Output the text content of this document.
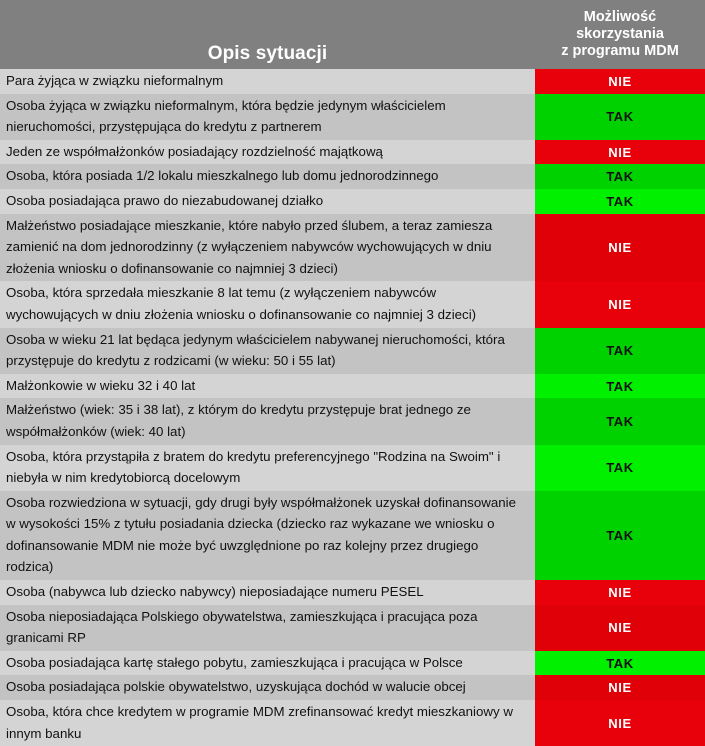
Opis sytuacji	Możliwość
skorzystania
z programu MDM

Para żyjąca w związku nieformalnym	NIE

Osoba żyjąca w związku nieformalnym, która będzie jedynym właścicielem nieruchomości, przystępująca do kredytu z partnerem	TAK

Jeden ze współmałżonków posiadający rozdzielność majątkową	NIE

Osoba, która posiada 1/2 lokalu mieszkalnego lub domu jednorodzinnego	TAK

Osoba posiadająca prawo do niezabudowanej działko	TAK

Małżeństwo posiadające mieszkanie, które nabyło przed ślubem, a teraz zamiesza zamienić na dom jednorodzinny (z wyłączeniem nabywców wychowujących w dniu złożenia wniosku o dofinansowanie co najmniej 3 dzieci)	NIE

Osoba, która sprzedała mieszkanie 8 lat temu (z wyłączeniem nabywców wychowujących w dniu złożenia wniosku o dofinansowanie co najmniej 3 dzieci)	NIE

Osoba w wieku 21 lat będąca jedynym właścicielem nabywanej nieruchomości, która przystępuje do kredytu z rodzicami (w wieku: 50 i 55 lat)	TAK

Małżonkowie w wieku 32 i 40 lat	TAK

Małżeństwo (wiek: 35 i 38 lat), z którym do kredytu przystępuje brat jednego ze współmałżonków (wiek: 40 lat)	TAK

Osoba, która przystąpiła z bratem do kredytu preferencyjnego "Rodzina na Swoim" i niebyła w nim kredytobiorcą docelowym	TAK

Osoba rozwiedziona w sytuacji, gdy drugi były współmałżonek uzyskał dofinansowanie w wysokości 15% z tytułu posiadania dziecka (dziecko raz wykazane we wniosku o dofinansowanie MDM nie może być uwzględnione po raz kolejny przez drugiego rodzica)	TAK

Osoba (nabywca lub dziecko nabywcy) nieposiadające numeru PESEL	NIE

Osoba nieposiadająca Polskiego obywatelstwa, zamieszkująca i pracująca poza granicami RP	NIE

Osoba posiadająca kartę stałego pobytu, zamieszkująca i pracująca w Polsce	TAK

Osoba posiadająca polskie obywatelstwo, uzyskująca dochód w walucie obcej	NIE

Osoba, która chce kredytem w programie MDM zrefinansować kredyt mieszkaniowy w innym banku	NIE
